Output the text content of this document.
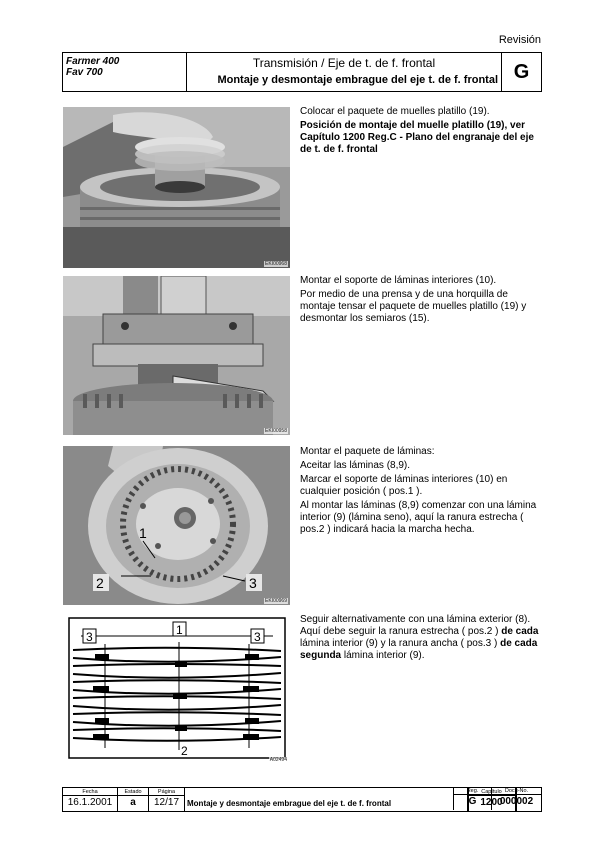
Revisión
Farmer 400
Fav 700
Transmisión / Eje de t. de f. frontal
Montaje y desmontaje embrague del eje t. de f. frontal G
EKI00968

Colocar el paquete de muelles platillo (19).

Posición de montaje del muelle platillo (19), ver Capítulo 1200 Reg.C - Plano del engranaje del eje de t. de f. frontal

EKI00958

Montar el soporte de láminas interiores (10).

Por medio de una prensa y de una horquilla de montaje tensar el paquete de muelles platillo (19) y desmontar los semiaros (15).

1
2	3
EKI00969

Montar el paquete de láminas:

Aceitar las láminas (8,9).

Marcar el soporte de láminas interiores (10) en cualquier posición ( pos.1 ).

Al montar las láminas (8,9) comenzar con una lámina interior (9) (lámina seno), aquí la ranura estrecha ( pos.2 ) indicará hacia la marcha hecha.

3	1	3
2
A02494

Seguir alternativamente con una lámina exterior (8). Aquí debe seguir la ranura estrecha ( pos.2 ) de cada lámina interior (9) y la ranura ancha ( pos.3 ) de cada segunda lámina interior (9).

Fecha
16.1.2001
Estado
a
Página
12/17 Montaje y desmontaje embrague del eje t. de f. frontal
Capítulo
1200
Reg.
G
Docu-No.
000002
